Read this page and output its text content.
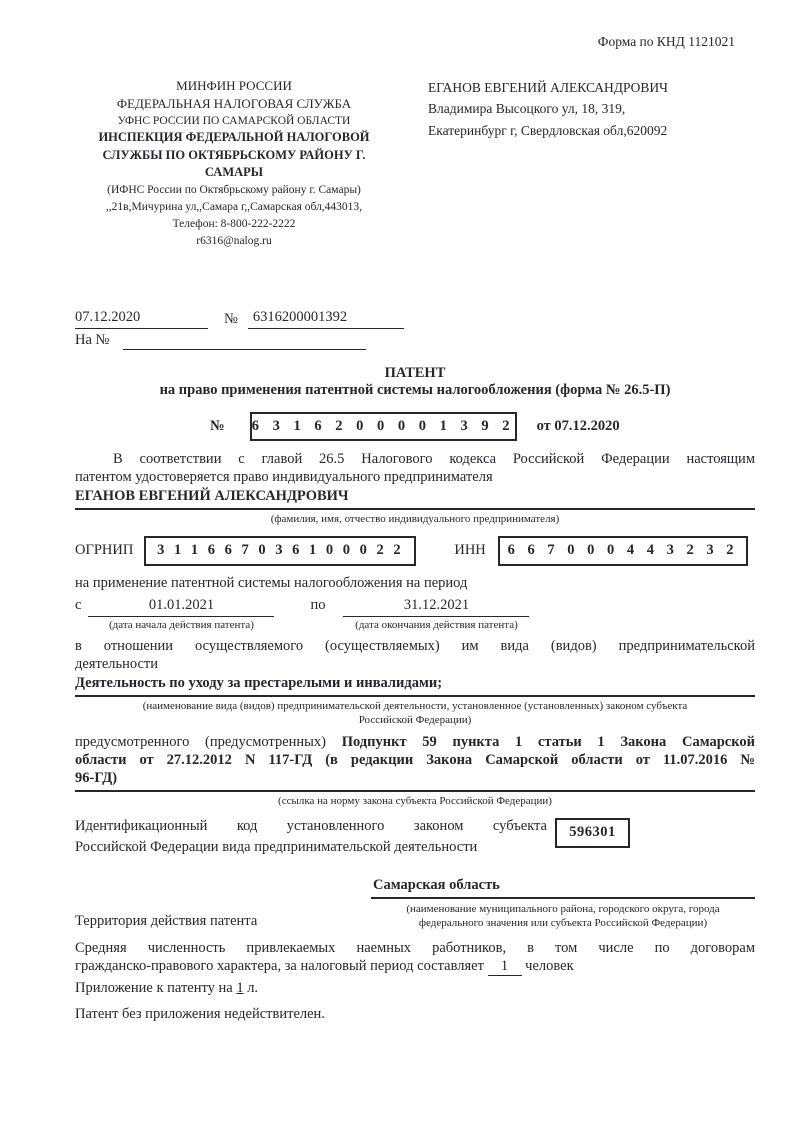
Форма по КНД 1121021
МИНФИН РОССИИ
ФЕДЕРАЛЬНАЯ НАЛОГОВАЯ СЛУЖБА
УФНС РОССИИ ПО САМАРСКОЙ ОБЛАСТИ
ИНСПЕКЦИЯ ФЕДЕРАЛЬНОЙ НАЛОГОВОЙ
СЛУЖБЫ ПО ОКТЯБРЬСКОМУ РАЙОНУ Г. САМАРЫ
(ИФНС России по Октябрьскому району г. Самары)
,,21в,Мичурина ул,,Самара г,,Самарская обл,443013,
Телефон: 8-800-222-2222
r6316@nalog.ru
ЕГАНОВ ЕВГЕНИЙ АЛЕКСАНДРОВИЧ
Владимира Высоцкого ул, 18, 319,
Екатеринбург г, Свердловская обл,620092
07.12.2020	№	6316200001392
На №
ПАТЕНТ
на право применения патентной системы налогообложения (форма № 26.5-П)
№ 6 3 1 6 2 0 0 0 0 1 3 9 2 от 07.12.2020
В соответствии с главой 26.5 Налогового кодекса Российской Федерации настоящим
патентом удостоверяется право индивидуального предпринимателя
ЕГАНОВ ЕВГЕНИЙ АЛЕКСАНДРОВИЧ
(фамилия, имя, отчество индивидуального предпринимателя)
ОГРНИП	3 1 1 6 6 7 0 3 6 1 0 0 0 2 2	ИНН	6 6 7 0 0 0 4 4 3 2 3 2
на применение патентной системы налогообложения на период
с	01.01.2021
(дата начала действия патента)
по	31.12.2021
(дата окончания действия патента)
в отношении осуществляемого (осуществляемых) им вида (видов) предпринимательской
деятельности
Деятельность по уходу за престарелыми и инвалидами;
(наименование вида (видов) предпринимательской деятельности, установленное (установленных) законом субъекта
Российской Федерации)
предусмотренного (предусмотренных) Подпункт 59 пункта 1 статьи 1 Закона Самарской
области от 27.12.2012 N 117-ГД (в редакции Закона Самарской области от 11.07.2016 №
96-ГД)
(ссылка на норму закона субъекта Российской Федерации)
Идентификационный код установленного законом субъекта
Российской Федерации вида предпринимательской деятельности
596301
Территория действия патента
Самарская область
(наименование муниципального района, городского округа, города
федерального значения или субъекта Российской Федерации)
Средняя численность привлекаемых наемных работников, в том числе по договорам
гражданско-правового характера, за налоговый период составляет 1 человек
Приложение к патенту на 1 л.
Патент без приложения недействителен.
